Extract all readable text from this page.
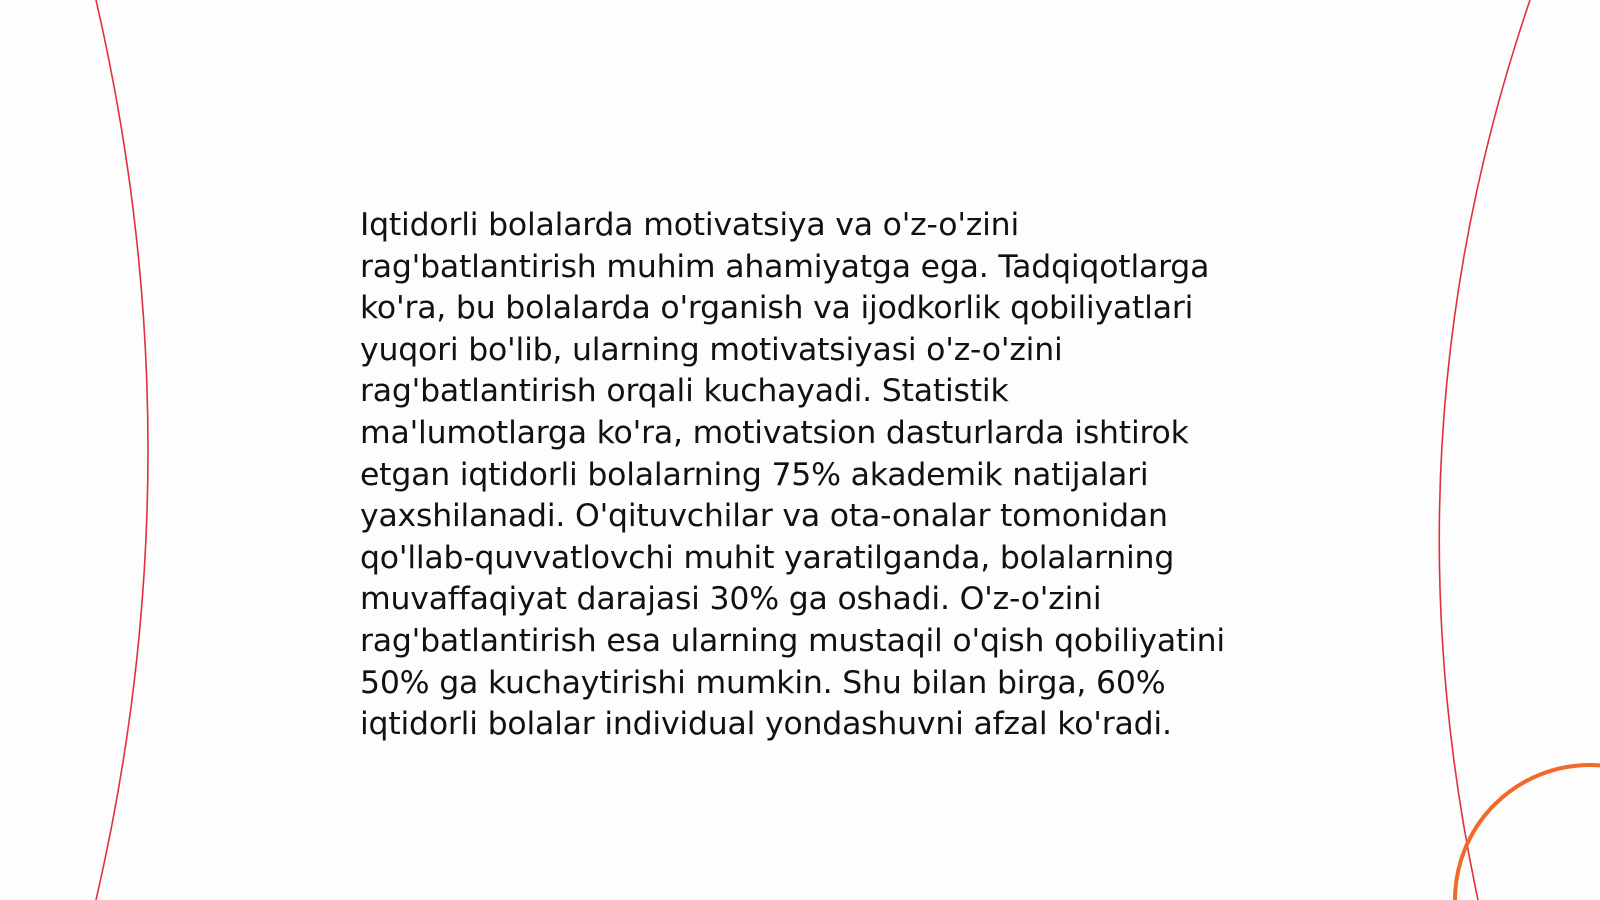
Iqtidorli bolalarda motivatsiya va o'z-o'zini rag'batlantirish muhim ahamiyatga ega. Tadqiqotlarga ko'ra, bu bolalarda o'rganish va ijodkorlik qobiliyatlari yuqori bo'lib, ularning motivatsiyasi o'z-o'zini rag'batlantirish orqali kuchayadi. Statistik ma'lumotlarga ko'ra, motivatsion dasturlarda ishtirok etgan iqtidorli bolalarning 75% akademik natijalari yaxshilanadi. O'qituvchilar va ota-onalar tomonidan qo'llab-quvvatlovchi muhit yaratilganda, bolalarning muvaffaqiyat darajasi 30% ga oshadi. O'z-o'zini rag'batlantirish esa ularning mustaqil o'qish qobiliyatini 50% ga kuchaytirishi mumkin. Shu bilan birga, 60% iqtidorli bolalar individual yondashuvni afzal ko'radi.
